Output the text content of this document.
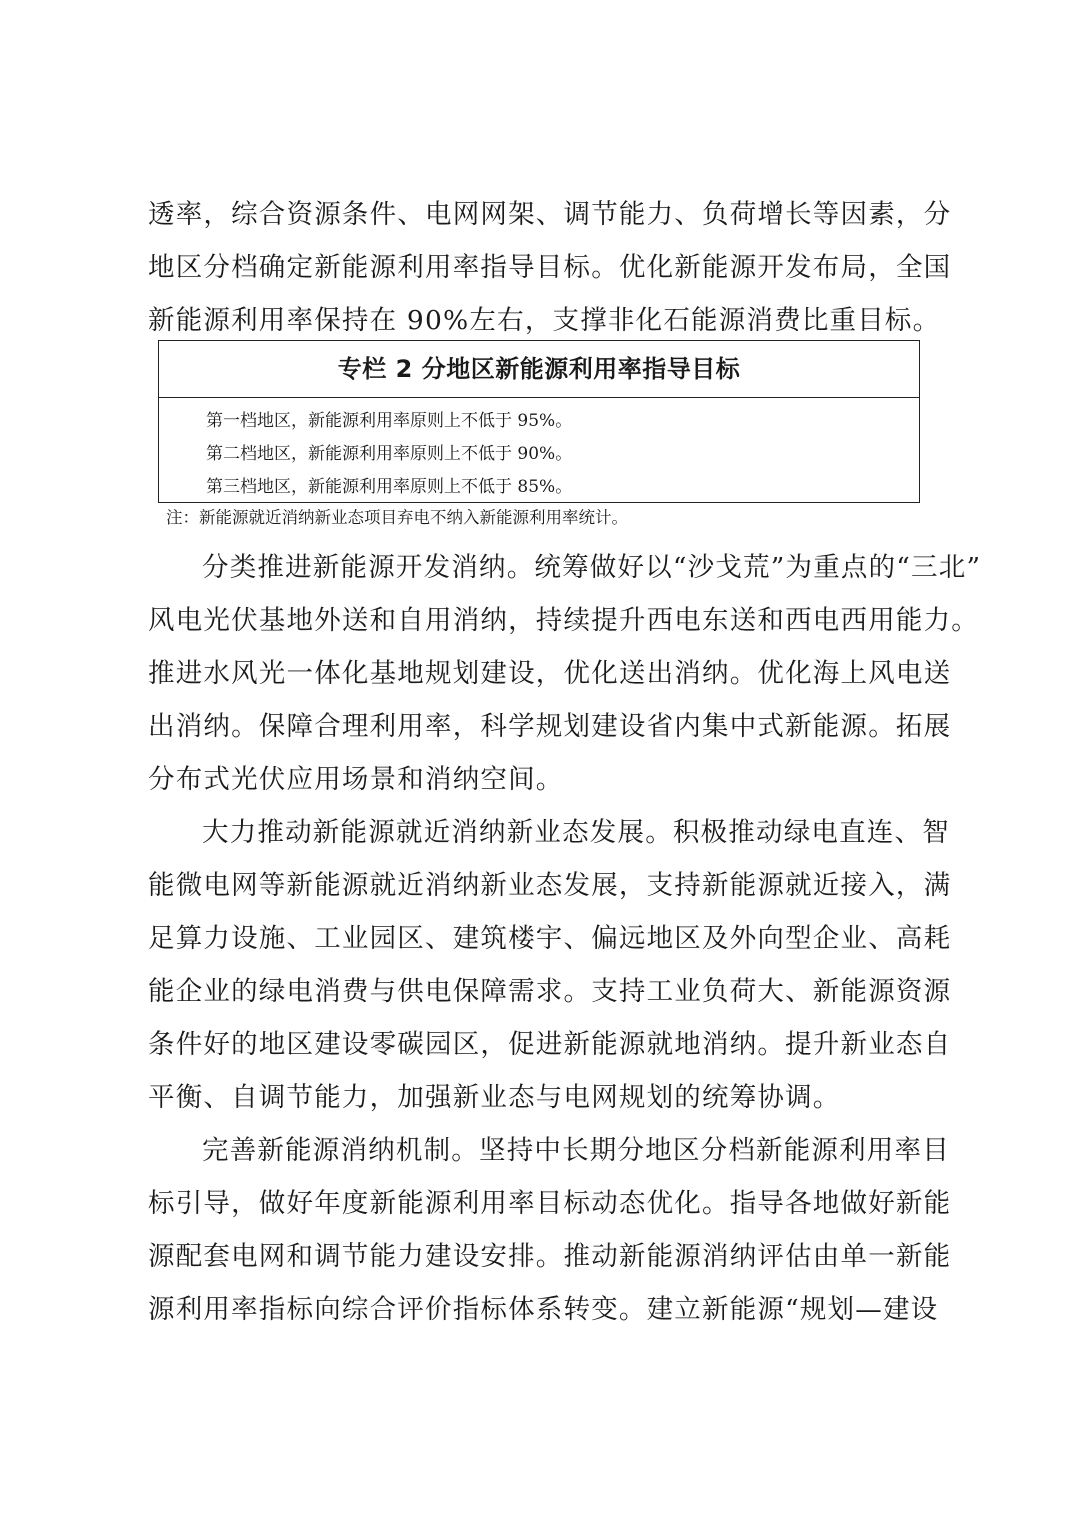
透率，综合资源条件、电网网架、调节能力、负荷增长等因素，分
地区分档确定新能源利用率指导目标。优化新能源开发布局，全国
新能源利用率保持在 90%左右，支撑非化石能源消费比重目标。
专栏 2 分地区新能源利用率指导目标
第一档地区，新能源利用率原则上不低于 95%。
第二档地区，新能源利用率原则上不低于 90%。
第三档地区，新能源利用率原则上不低于 85%。
注：新能源就近消纳新业态项目弃电不纳入新能源利用率统计。
分类推进新能源开发消纳。统筹做好以“沙戈荒”为重点的“三北”
风电光伏基地外送和自用消纳，持续提升西电东送和西电西用能力。
推进水风光一体化基地规划建设，优化送出消纳。优化海上风电送
出消纳。保障合理利用率，科学规划建设省内集中式新能源。拓展
分布式光伏应用场景和消纳空间。
大力推动新能源就近消纳新业态发展。积极推动绿电直连、智
能微电网等新能源就近消纳新业态发展，支持新能源就近接入，满
足算力设施、工业园区、建筑楼宇、偏远地区及外向型企业、高耗
能企业的绿电消费与供电保障需求。支持工业负荷大、新能源资源
条件好的地区建设零碳园区，促进新能源就地消纳。提升新业态自
平衡、自调节能力，加强新业态与电网规划的统筹协调。
完善新能源消纳机制。坚持中长期分地区分档新能源利用率目
标引导，做好年度新能源利用率目标动态优化。指导各地做好新能
源配套电网和调节能力建设安排。推动新能源消纳评估由单一新能
源利用率指标向综合评价指标体系转变。建立新能源“规划—建设
